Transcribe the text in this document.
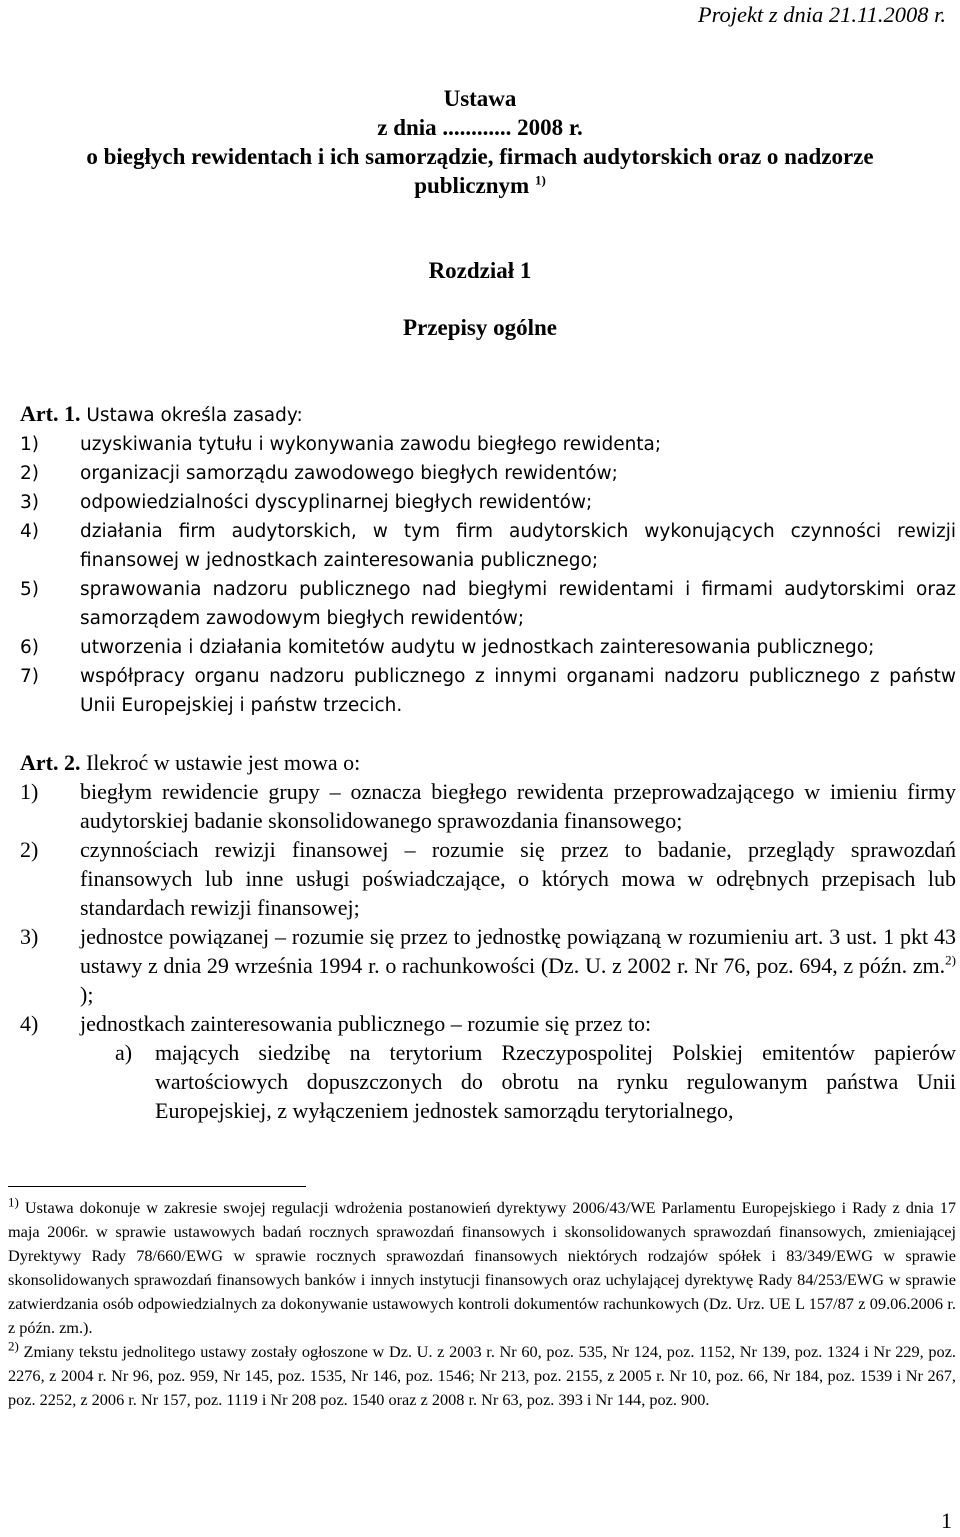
Projekt z dnia 21.11.2008 r.
Ustawa
z dnia ............ 2008 r.
o biegłych rewidentach i ich samorządzie, firmach audytorskich oraz o nadzorze
publicznym $^{1)}$
Rozdział 1
Przepisy ogólne
Art. 1. Ustawa określa zasady:
1)	uzyskiwania tytułu i wykonywania zawodu biegłego rewidenta;
2)	organizacji samorządu zawodowego biegłych rewidentów;
3)	odpowiedzialności dyscyplinarnej biegłych rewidentów;
4)	działania firm audytorskich, w tym firm audytorskich wykonujących czynności rewizji finansowej w jednostkach zainteresowania publicznego;
5)	sprawowania nadzoru publicznego nad biegłymi rewidentami i firmami audytorskimi oraz samorządem zawodowym biegłych rewidentów;
6)	utworzenia i działania komitetów audytu w jednostkach zainteresowania publicznego;
7)	współpracy organu nadzoru publicznego z innymi organami nadzoru publicznego z państw Unii Europejskiej i państw trzecich.
Art. 2. Ilekroć w ustawie jest mowa o:
1)	biegłym rewidencie grupy – oznacza biegłego rewidenta przeprowadzającego w imieniu firmy audytorskiej badanie skonsolidowanego sprawozdania finansowego;
2)	czynnościach rewizji finansowej – rozumie się przez to badanie, przeglądy sprawozdań finansowych lub inne usługi poświadczające, o których mowa w odrębnych przepisach lub standardach rewizji finansowej;
3)	jednostce powiązanej – rozumie się przez to jednostkę powiązaną w rozumieniu art. 3 ust. 1 pkt 43 ustawy z dnia 29 września 1994 r. o rachunkowości (Dz. U. z 2002 r. Nr 76, poz. 694, z późn. zm.$^{2)}$ );
4)	jednostkach zainteresowania publicznego – rozumie się przez to:
a)	mających siedzibę na terytorium Rzeczypospolitej Polskiej emitentów papierów wartościowych dopuszczonych do obrotu na rynku regulowanym państwa Unii Europejskiej, z wyłączeniem jednostek samorządu terytorialnego,

$^{1)}$ Ustawa dokonuje w zakresie swojej regulacji wdrożenia postanowień dyrektywy 2006/43/WE Parlamentu Europejskiego i Rady z dnia 17 maja 2006r. w sprawie ustawowych badań rocznych sprawozdań finansowych i skonsolidowanych sprawozdań finansowych, zmieniającej Dyrektywy Rady 78/660/EWG w sprawie rocznych sprawozdań finansowych niektórych rodzajów spółek i 83/349/EWG w sprawie skonsolidowanych sprawozdań finansowych banków i innych instytucji finansowych oraz uchylającej dyrektywę Rady 84/253/EWG w sprawie zatwierdzania osób odpowiedzialnych za dokonywanie ustawowych kontroli dokumentów rachunkowych (Dz. Urz. UE L 157/87 z 09.06.2006 r. z późn. zm.).

$^{2)}$ Zmiany tekstu jednolitego ustawy zostały ogłoszone w Dz. U. z 2003 r. Nr 60, poz. 535, Nr 124, poz. 1152, Nr 139, poz. 1324 i Nr 229, poz. 2276, z 2004 r. Nr 96, poz. 959, Nr 145, poz. 1535, Nr 146, poz. 1546; Nr 213, poz. 2155, z 2005 r. Nr 10, poz. 66, Nr 184, poz. 1539 i Nr 267, poz. 2252, z 2006 r. Nr 157, poz. 1119 i Nr 208 poz. 1540 oraz z 2008 r. Nr 63, poz. 393 i Nr 144, poz. 900.

1
